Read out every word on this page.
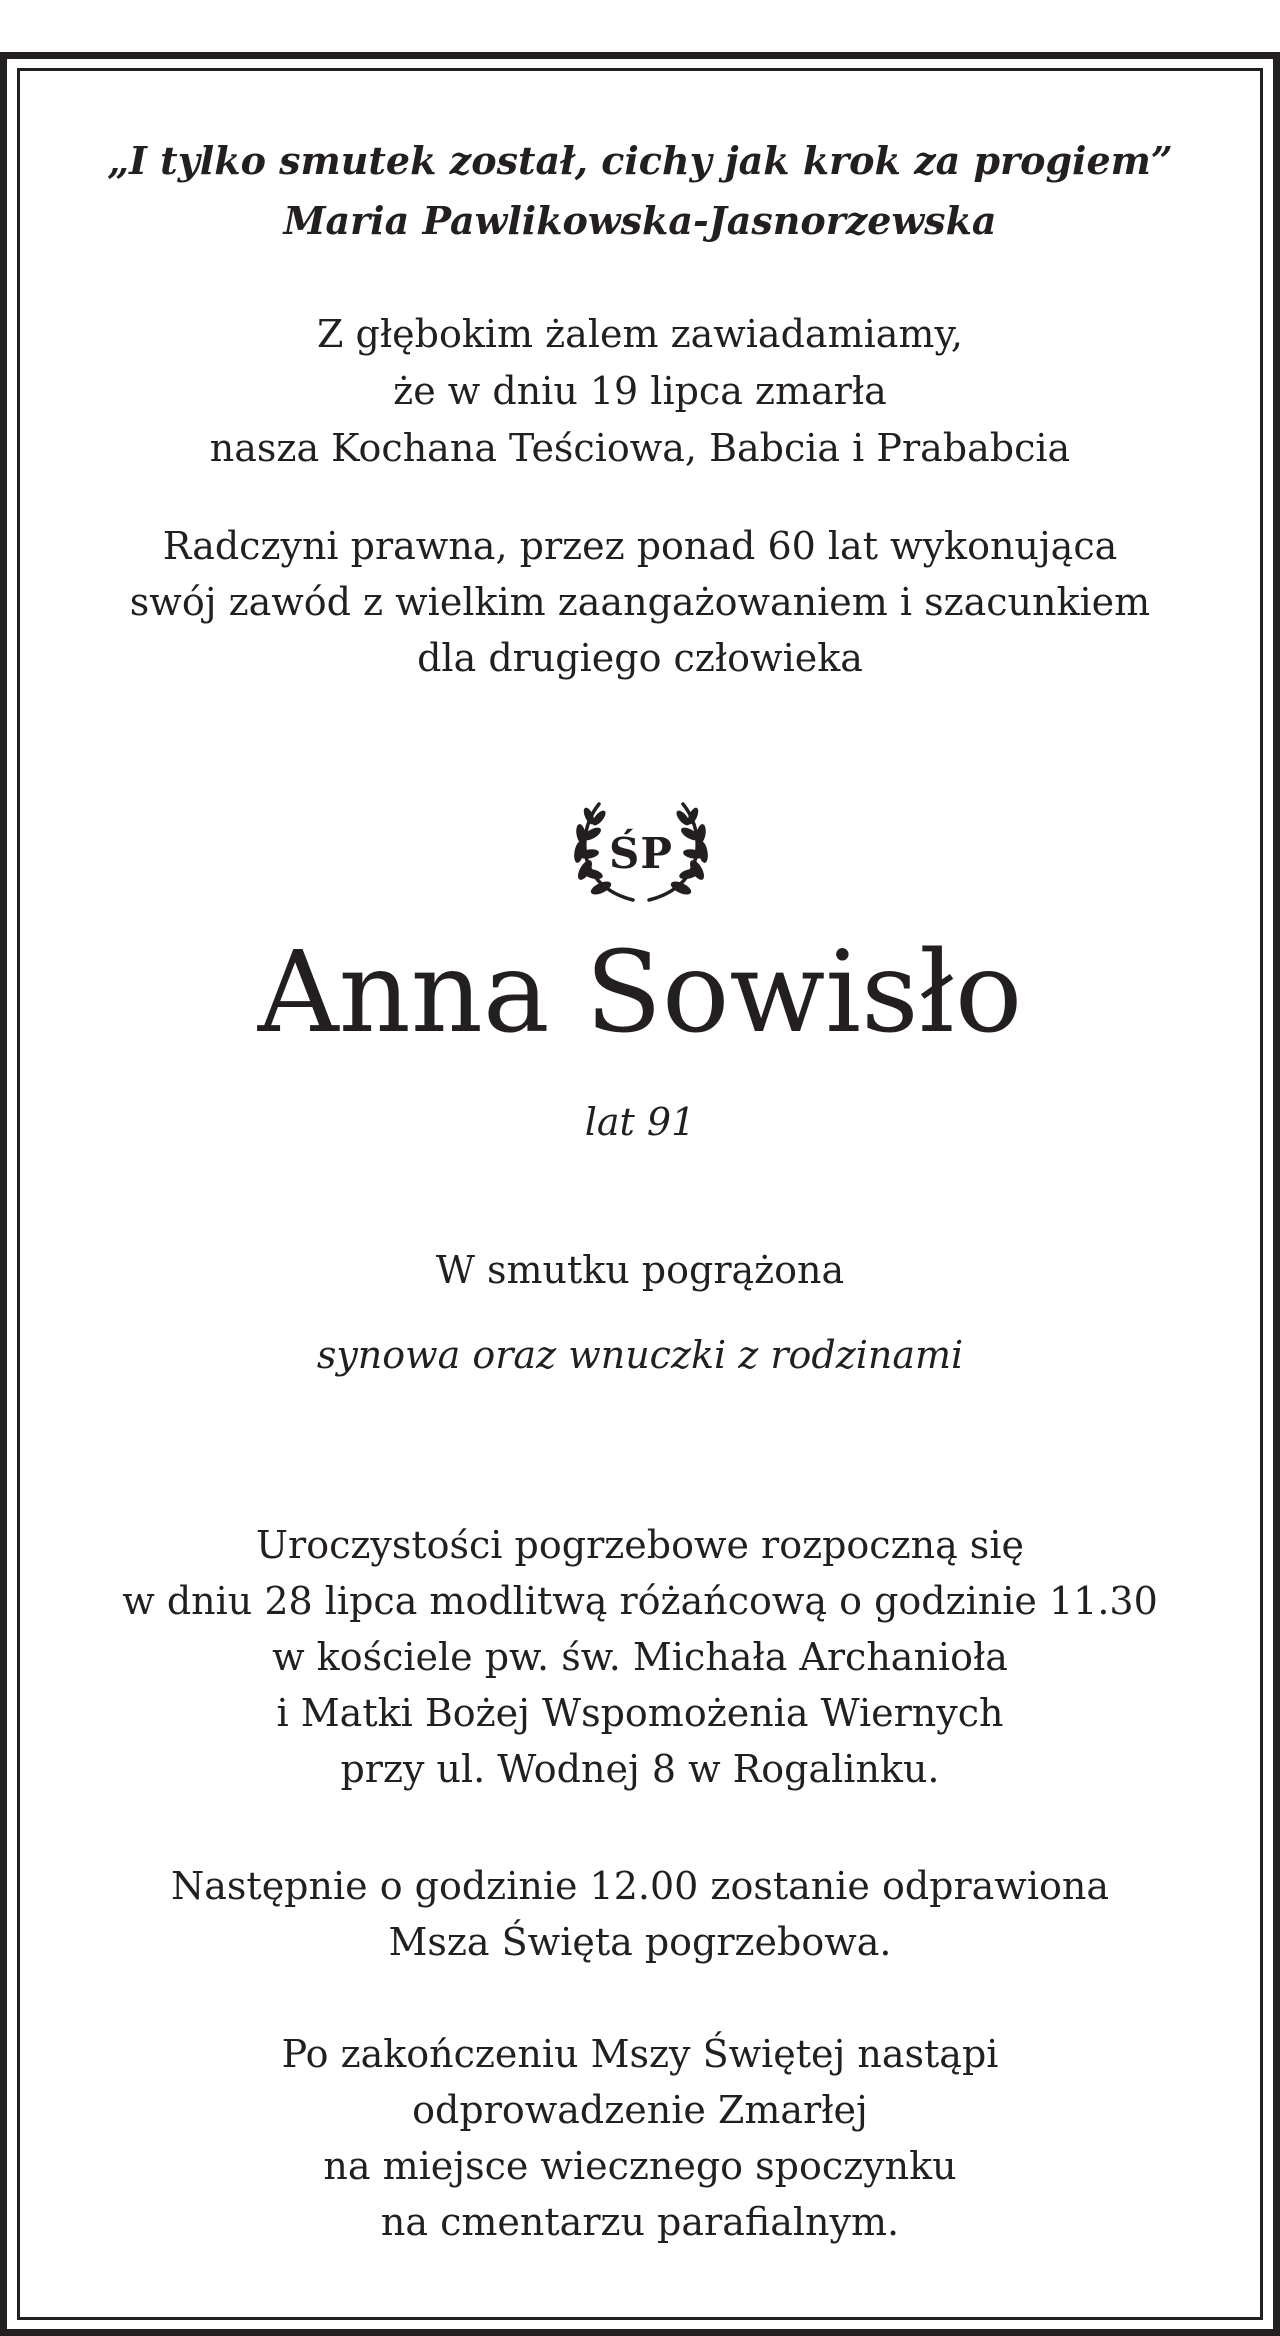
„I tylko smutek został, cichy jak krok za progiem”
Maria Pawlikowska-Jasnorzewska
Z głębokim żalem zawiadamiamy,
że w dniu 19 lipca zmarła
nasza Kochana Teściowa, Babcia i Prababcia
Radczyni prawna, przez ponad 60 lat wykonująca
swój zawód z wielkim zaangażowaniem i szacunkiem
dla drugiego człowieka
ŚP
Anna Sowisło
lat 91
W smutku pogrążona
synowa oraz wnuczki z rodzinami
Uroczystości pogrzebowe rozpoczną się
w dniu 28 lipca modlitwą różańcową o godzinie 11.30
w kościele pw. św. Michała Archanioła
i Matki Bożej Wspomożenia Wiernych
przy ul. Wodnej 8 w Rogalinku.
Następnie o godzinie 12.00 zostanie odprawiona
Msza Święta pogrzebowa.
Po zakończeniu Mszy Świętej nastąpi
odprowadzenie Zmarłej
na miejsce wiecznego spoczynku
na cmentarzu parafialnym.
